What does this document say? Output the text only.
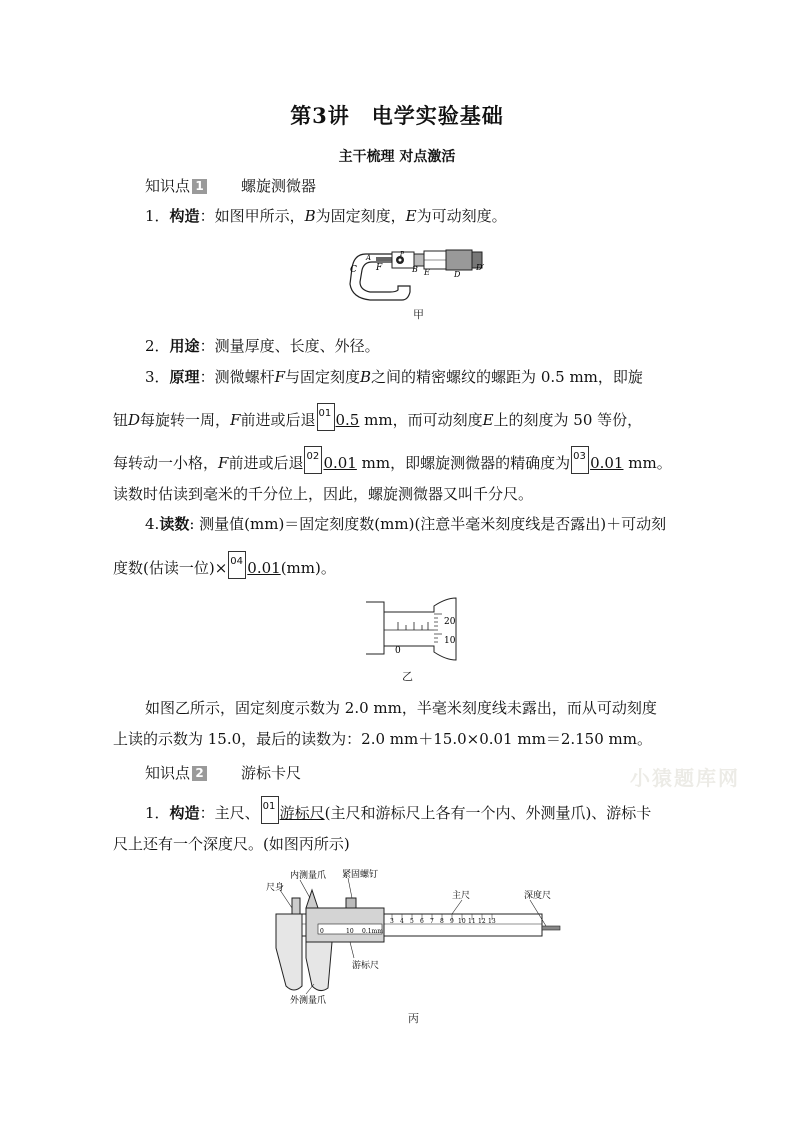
第3讲　电学实验基础
主干梳理 对点激活
知识点 1 螺旋测微器
1．构造：如图甲所示，B为固定刻度，E为可动刻度。
C
A
F
P
B E	D
D′
甲
2．用途：测量厚度、长度、外径。
3．原理：测微螺杆F与固定刻度B之间的精密螺纹的螺距为 0.5 mm，即旋
钮D每旋转一周，F前进或后退 01 0.5 mm，而可动刻度E上的刻度为 50 等份，
每转动一小格，F前进或后退 02 0.01 mm，即螺旋测微器的精确度为 03 0.01 mm。
读数时估读到毫米的千分位上，因此，螺旋测微器又叫千分尺。
4.读数: 测量值(mm)＝固定刻度数(mm)(注意半毫米刻度线是否露出)＋可动刻
度数(估读一位)× 04 0.01(mm)。
20
10
0
乙
如图乙所示，固定刻度示数为 2.0 mm，半毫米刻度线未露出，而从可动刻度
上读的示数为 15.0，最后的读数为：2.0 mm＋15.0×0.01 mm＝2.150 mm。
知识点 2 游标卡尺	小猿题库网
1．构造：主尺、 01 游标尺(主尺和游标尺上各有一个内、外测量爪)、游标卡
尺上还有一个深度尺。(如图丙所示)
3 4 5 6 7 8 9 10 11 12 13
0	10 0.1mm
内测量爪
尺身
紧固螺钉
主尺	深度尺
游标尺
外测量爪
丙
